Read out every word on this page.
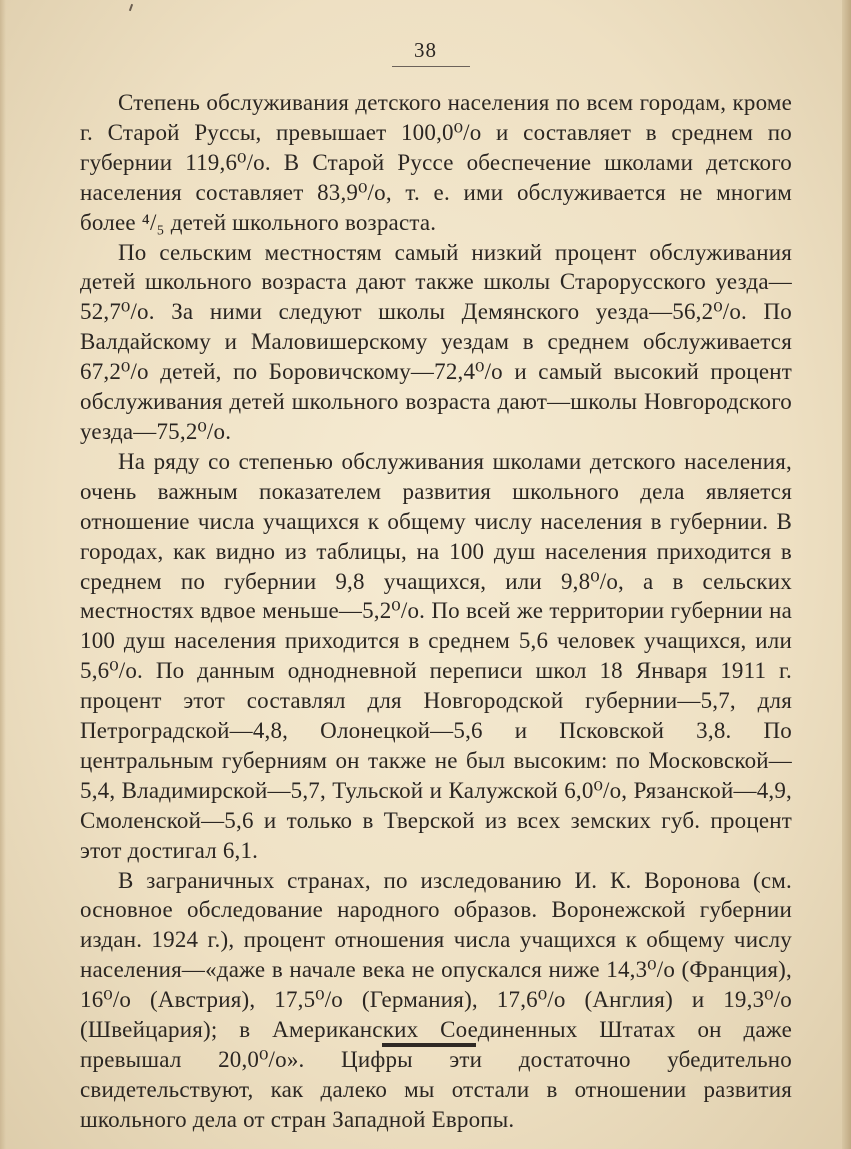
38

Степень обслуживания детского населения по всем городам, кроме г. Старой Руссы, превышает 100,0⁰/о и составляет в среднем по губернии 119,6⁰/о. В Старой Руссе обеспечение школами детского населения составляет 83,9⁰/о, т. е. ими обслуживается не многим более ⁴/₅ детей школьного возраста.

По сельским местностям самый низкий процент обслуживания детей школьного возраста дают также школы Старорусского уезда—52,7⁰/о. За ними следуют школы Демянского уезда—56,2⁰/о. По Валдайскому и Маловишерскому уездам в среднем обслуживается 67,2⁰/о детей, по Боровичскому—72,4⁰/о и самый высокий процент обслуживания детей школьного возраста дают—школы Новгородского уезда—75,2⁰/о.

На ряду со степенью обслуживания школами детского населения, очень важным показателем развития школьного дела является отношение числа учащихся к общему числу населения в губернии. В городах, как видно из таблицы, на 100 душ населения приходится в среднем по губернии 9,8 учащихся, или 9,8⁰/о, а в сельских местностях вдвое меньше—5,2⁰/о. По всей же территории губернии на 100 душ населения приходится в среднем 5,6 человек учащихся, или 5,6⁰/о. По данным однодневной переписи школ 18 Января 1911 г. процент этот составлял для Новгородской губернии—5,7, для Петроградской—4,8, Олонецкой—5,6 и Псковской 3,8. По центральным губерниям он также не был высоким: по Московской—5,4, Владимирской—5,7, Тульской и Калужской 6,0⁰/о, Рязанской—4,9, Смоленской—5,6 и только в Тверской из всех земских губ. процент этот достигал 6,1.

В заграничных странах, по изследованию И. К. Воронова (см. основное обследование народного образов. Воронежской губернии издан. 1924 г.), процент отношения числа учащихся к общему числу населения—«даже в начале века не опускался ниже 14,3⁰/о (Франция), 16⁰/о (Австрия), 17,5⁰/о (Германия), 17,6⁰/о (Англия) и 19,3⁰/о (Швейцария); в Американских Соединенных Штатах он даже превышал 20,0⁰/о». Цифры эти достаточно убедительно свидетельствуют, как далеко мы отстали в отношении развития школьного дела от стран Западной Европы.
